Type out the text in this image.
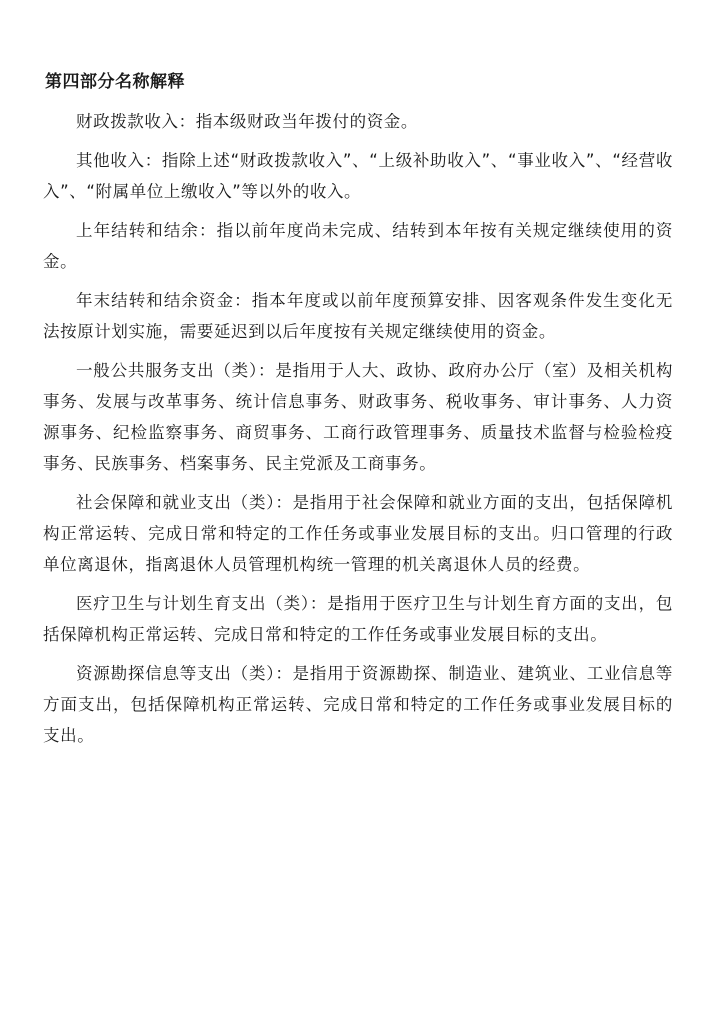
第四部分名称解释

财政拨款收入：指本级财政当年拨付的资金。

其他收入：指除上述“财政拨款收入”、“上级补助收入”、“事业收入”、“经营收入”、“附属单位上缴收入”等以外的收入。

上年结转和结余：指以前年度尚未完成、结转到本年按有关规定继续使用的资金。

年末结转和结余资金：指本年度或以前年度预算安排、因客观条件发生变化无法按原计划实施，需要延迟到以后年度按有关规定继续使用的资金。

一般公共服务支出（类）：是指用于人大、政协、政府办公厅（室）及相关机构事务、发展与改革事务、统计信息事务、财政事务、税收事务、审计事务、人力资源事务、纪检监察事务、商贸事务、工商行政管理事务、质量技术监督与检验检疫事务、民族事务、档案事务、民主党派及工商事务。

社会保障和就业支出（类）：是指用于社会保障和就业方面的支出，包括保障机构正常运转、完成日常和特定的工作任务或事业发展目标的支出。归口管理的行政单位离退休，指离退休人员管理机构统一管理的机关离退休人员的经费。

医疗卫生与计划生育支出（类）：是指用于医疗卫生与计划生育方面的支出，包括保障机构正常运转、完成日常和特定的工作任务或事业发展目标的支出。

资源勘探信息等支出（类）：是指用于资源勘探、制造业、建筑业、工业信息等方面支出，包括保障机构正常运转、完成日常和特定的工作任务或事业发展目标的支出。
